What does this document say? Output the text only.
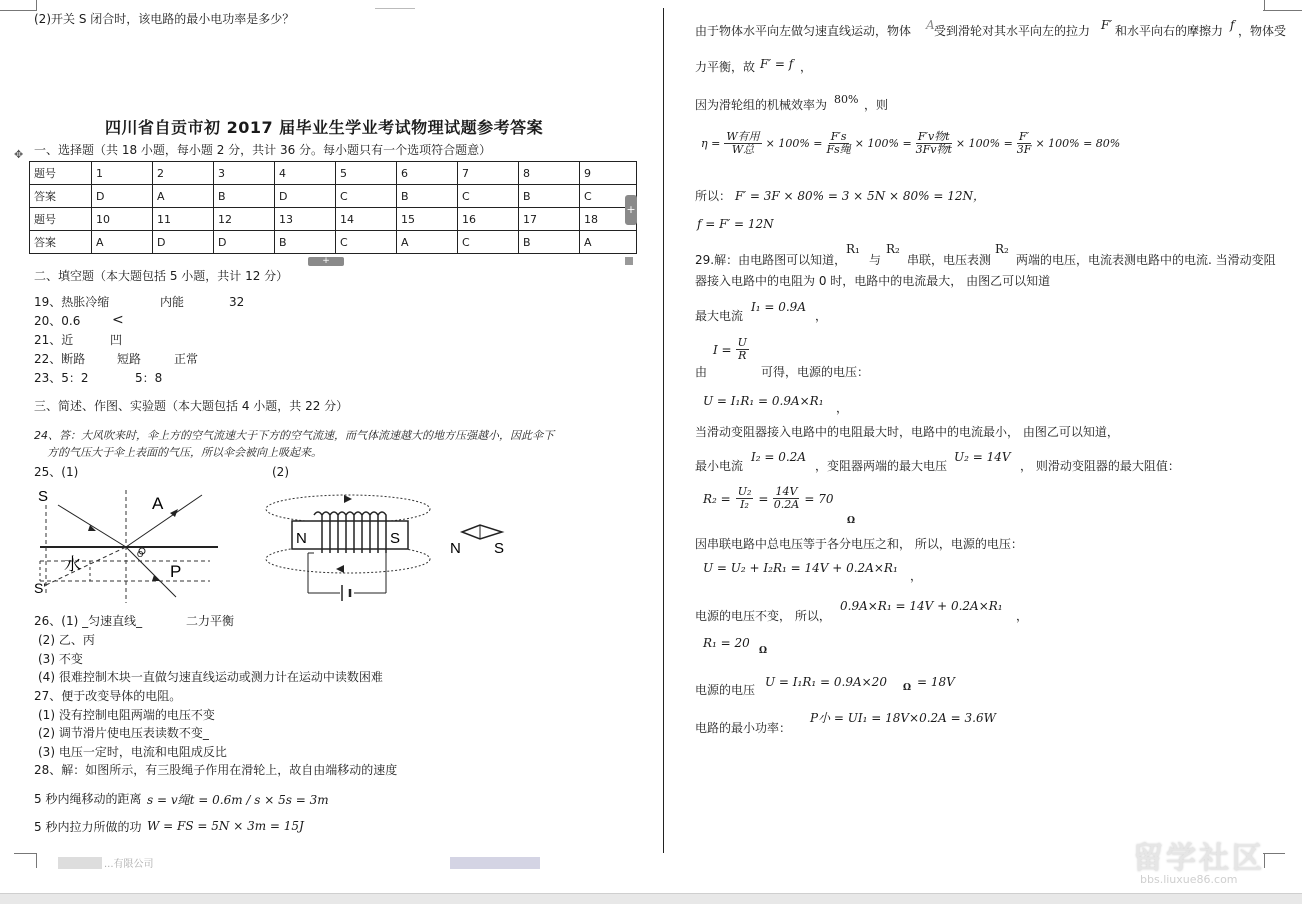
(2)开关 S 闭合时，该电路的最小电功率是多少？
四川省自贡市初 2017 届毕业生学业考试物理试题参考答案
✥ 一、选择题（共 18 小题，每小题 2 分，共计 36 分。每小题只有一个选项符合题意）
题号	1	2	3	4	5	6	7	8	9
答案	D	A	B	D	C	B	C	B	C
题号	10	11	12	13	14	15	16	17	18
答案	A	D	D	B	C	A	C	B	A
+
+
二、填空题（本大题包括 5 小题，共计 12 分）
19、热胀冷缩	内能	32
20、0.6 <
21、近	凹
22、断路	短路	正常
23、5：2	5：8
三、简述、作图、实验题（本大题包括 4 小题，共 22 分）
24、答：大风吹来时，伞上方的空气流速大于下方的空气流速，而气体流速越大的地方压强越小，因此伞下
方的气压大于伞上表面的气压，所以伞会被向上吸起来。
25、(1)	(2)
S	A
水	P
S'
O
N	S
N S
26、(1) _匀速直线_	二力平衡
(2) 乙、丙
(3) 不变
(4) 很难控制木块一直做匀速直线运动或测力计在运动中读数困难
27、便于改变导体的电阻。
(1) 没有控制电阻两端的电压不变
(2) 调节滑片使电压表读数不变_
(3) 电压一定时，电流和电阻成反比
28、解：如图所示，有三股绳子作用在滑轮上，故自由端移动的速度
5 秒内绳移动的距离 s = v绳t = 0.6m / s × 5s = 3m
5 秒内拉力所做的功 W = FS = 5N × 3m = 15J
由于物体水平向左做匀速直线运动，物体 A 受到滑轮对其水平向左的拉力 F′ 和水平向右的摩擦力 f ，物体受
力平衡，故 F′ = f ，
因为滑轮组的机械效率为 80% ，则
$\eta = \frac{\text{W有用}}{\text{W总}} \times 100\% = \frac{F's}{\text{Fs绳}} \times 100\% = \frac{\text{F′v物t}}{\text{3Fv物t}} \times 100\% = \frac{F'}{3F} \times 100\% = 80\%$
所以： F′ = 3F × 80% = 3 × 5N × 80% = 12N，
f = F′ = 12N
29.解：由电路图可以知道，
R₁
与
R₂
串联，电压表测
R₂
两端的电压，电流表测电路中的电流. 当滑动变阻
器接入电路中的电阻为 0 时，电路中的电流最大， 由图乙可以知道
最大电流
I₁ = 0.9A
，
$I = \frac{U}{R}$
由	可得，电源的电压：
U = I₁R₁ = 0.9A×R₁ ，
当滑动变阻器接入电路中的电阻最大时，电路中的电流最小， 由图乙可以知道，
最小电流
I₂ = 0.2A
，变阻器两端的最大电压
U₂ = 14V
， 则滑动变阻器的最大阻值：
$R_2 = \frac{\text{U₂}}{\text{I₂}} = \frac{14V}{0.2A} = 70$
Ω
因串联电路中总电压等于各分电压之和， 所以，电源的电压：
U = U₂ + I₂R₁ = 14V + 0.2A×R₁
，
电源的电压不变， 所以，
0.9A×R₁ = 14V + 0.2A×R₁
，
R₁ = 20
Ω
电源的电压
U = I₁R₁ = 0.9A×20 Ω = 18V
电路的最小功率：
P小 = UI₁ = 18V×0.2A = 3.6W
...有限公司	留学社区
bbs.liuxue86.com
